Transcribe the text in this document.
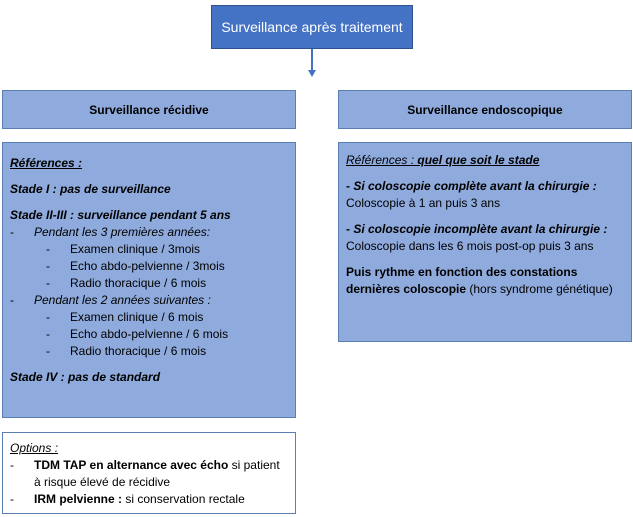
Surveillance après traitement
Surveillance récidive	Surveillance endoscopique
Références :
Stade I : pas de surveillance
Stade II-III : surveillance pendant 5 ans
-	Pendant les 3 premières années:
-	Examen clinique / 3mois
-	Echo abdo-pelvienne / 3mois
-	Radio thoracique / 6 mois
-	Pendant les 2 années suivantes :
-	Examen clinique / 6 mois
-	Echo abdo-pelvienne / 6 mois
-	Radio thoracique / 6 mois
Stade IV : pas de standard
Références : quel que soit le stade
- Si coloscopie complète avant la chirurgie :
Coloscopie à 1 an puis 3 ans
- Si coloscopie incomplète avant la chirurgie :
Coloscopie dans les 6 mois post-op puis 3 ans
Puis rythme en fonction des constations dernières coloscopie (hors syndrome génétique)
Options :
-	TDM TAP en alternance avec écho si patient à risque élevé de récidive
-	IRM pelvienne : si conservation rectale
